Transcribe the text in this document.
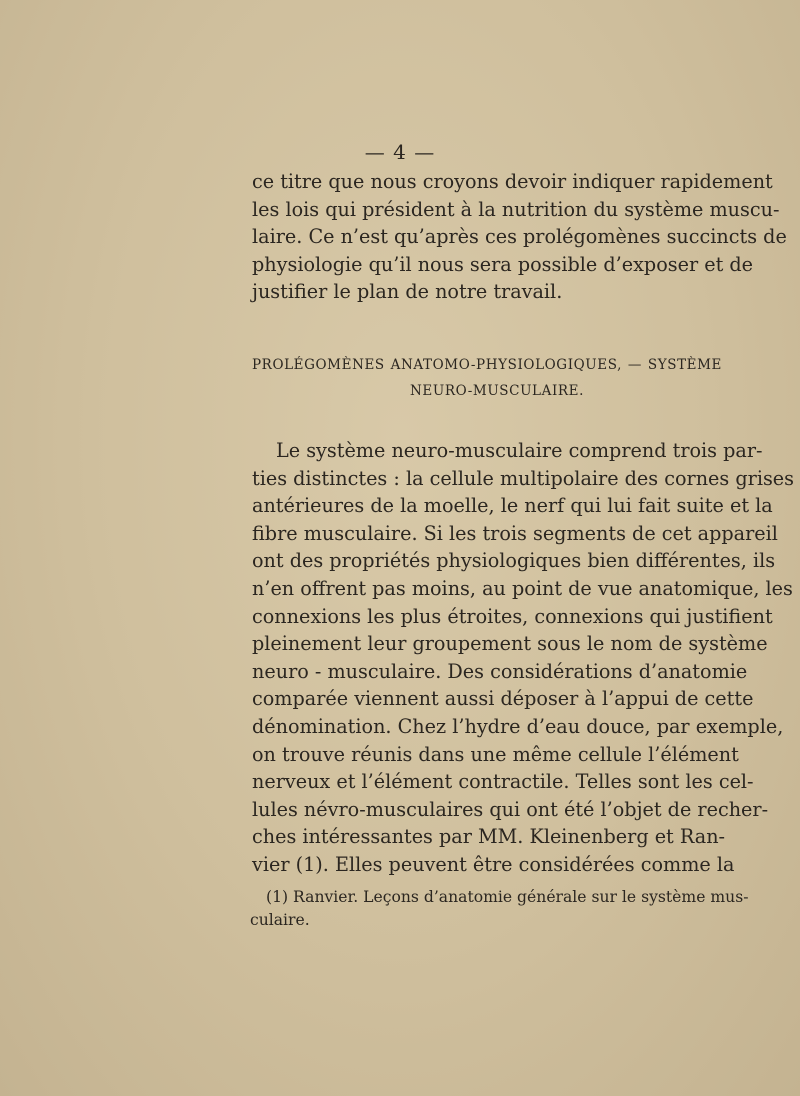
— 4 —
ce titre que nous croyons devoir indiquer rapidement
les lois qui président à la nutrition du système muscu-
laire. Ce n’est qu’après ces prolégomènes succincts de
physiologie qu’il nous sera possible d’exposer et de
justifier le plan de notre travail.
PROLÉGOMÈNES ANATOMO-PHYSIOLOGIQUES, — SYSTÈME
NEURO-MUSCULAIRE.
Le système neuro-musculaire comprend trois par-
ties distinctes : la cellule multipolaire des cornes grises
antérieures de la moelle, le nerf qui lui fait suite et la
fibre musculaire. Si les trois segments de cet appareil
ont des propriétés physiologiques bien différentes, ils
n’en offrent pas moins, au point de vue anatomique, les
connexions les plus étroites, connexions qui justifient
pleinement leur groupement sous le nom de système
neuro - musculaire. Des considérations d’anatomie
comparée viennent aussi déposer à l’appui de cette
dénomination. Chez l’hydre d’eau douce, par exemple,
on trouve réunis dans une même cellule l’élément
nerveux et l’élément contractile. Telles sont les cel-
lules névro-musculaires qui ont été l’objet de recher-
ches intéressantes par MM. Kleinenberg et Ran-
vier (1). Elles peuvent être considérées comme la
(1) Ranvier. Leçons d’anatomie générale sur le système mus-
culaire.
